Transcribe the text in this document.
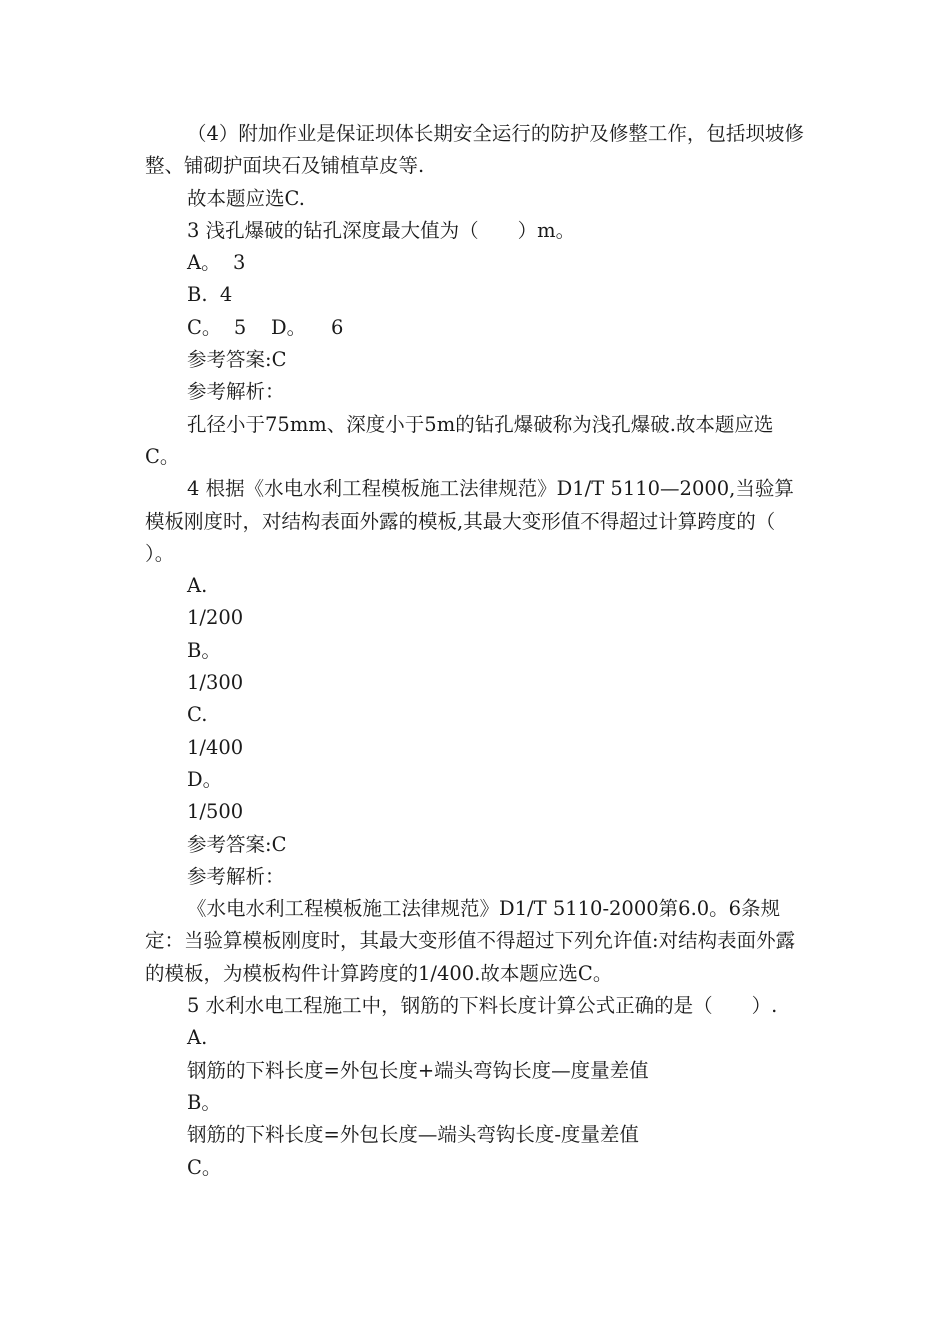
（4）附加作业是保证坝体长期安全运行的防护及修整工作，包括坝坡修整、铺砌护面块石及铺植草皮等.

故本题应选C.

3 浅孔爆破的钻孔深度最大值为（　　）m。

A。  3

B.  4

C。  5    D。    6

参考答案:C

参考解析：

孔径小于75mm、深度小于5m的钻孔爆破称为浅孔爆破.故本题应选C。

4 根据《水电水利工程模板施工法律规范》D1/T 5110—2000,当验算模板刚度时，对结构表面外露的模板,其最大变形值不得超过计算跨度的（　　）。

A.

1/200

B。

1/300

C.

1/400

D。

1/500

参考答案:C

参考解析：

《水电水利工程模板施工法律规范》D1/T 5110-2000第6.0。6条规定：当验算模板刚度时，其最大变形值不得超过下列允许值:对结构表面外露的模板，为模板构件计算跨度的1/400.故本题应选C。

5 水利水电工程施工中，钢筋的下料长度计算公式正确的是（　　）.

A.

钢筋的下料长度=外包长度+端头弯钩长度—度量差值

B。

钢筋的下料长度=外包长度—端头弯钩长度-度量差值

C。
